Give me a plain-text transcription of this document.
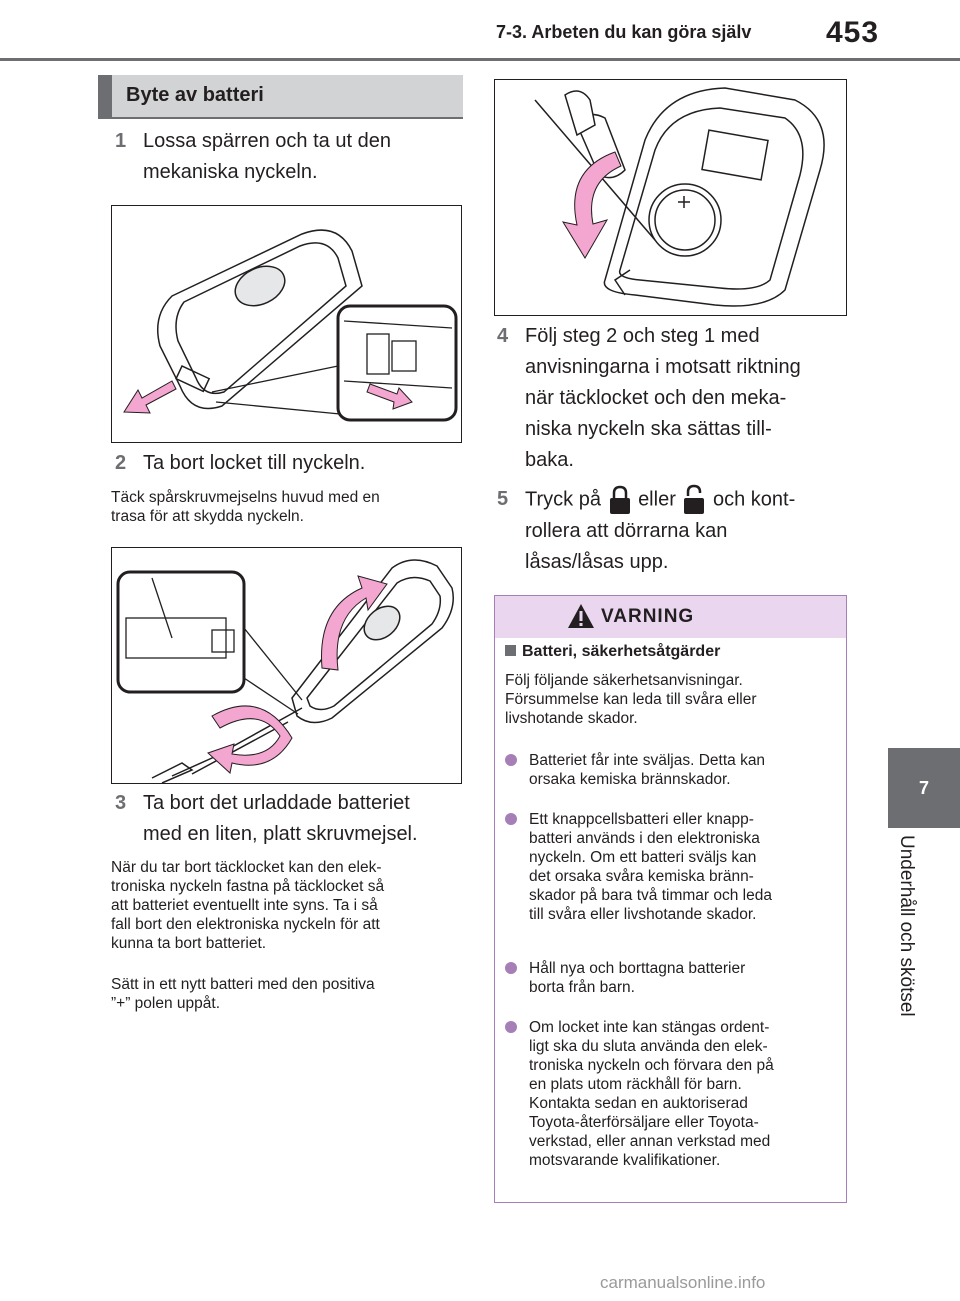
7-3. Arbeten du kan göra själv 453
7
Underhåll och skötsel
Byte av batteri
1 Lossa spärren och ta ut den
mekaniska nyckeln.
2 Ta bort locket till nyckeln.
Täck spårskruvmejselns huvud med en
trasa för att skydda nyckeln.
3 Ta bort det urladdade batteriet
med en liten, platt skruvmejsel.
När du tar bort täcklocket kan den elek-
troniska nyckeln fastna på täcklocket så
att batteriet eventuellt inte syns. Ta i så
fall bort den elektroniska nyckeln för att
kunna ta bort batteriet.
Sätt in ett nytt batteri med den positiva
”+” polen uppåt.
4 Följ steg 2 och steg 1 med
anvisningarna i motsatt riktning
när täcklocket och den meka-
niska nyckeln ska sättas till-
baka.
5 Tryck på eller och kont-
rollera att dörrarna kan
låsas/låsas upp.
VARNING
Batteri, säkerhetsåtgärder
Följ följande säkerhetsanvisningar.
Försummelse kan leda till svåra eller
livshotande skador.
Batteriet får inte sväljas. Detta kan
orsaka kemiska brännskador.
Ett knappcellsbatteri eller knapp-
batteri används i den elektroniska
nyckeln. Om ett batteri sväljs kan
det orsaka svåra kemiska bränn-
skador på bara två timmar och leda
till svåra eller livshotande skador.
Håll nya och borttagna batterier
borta från barn.
Om locket inte kan stängas ordent-
ligt ska du sluta använda den elek-
troniska nyckeln och förvara den på
en plats utom räckhåll för barn.
Kontakta sedan en auktoriserad
Toyota-återförsäljare eller Toyota-
verkstad, eller annan verkstad med
motsvarande kvalifikationer.
carmanualsonline.info
